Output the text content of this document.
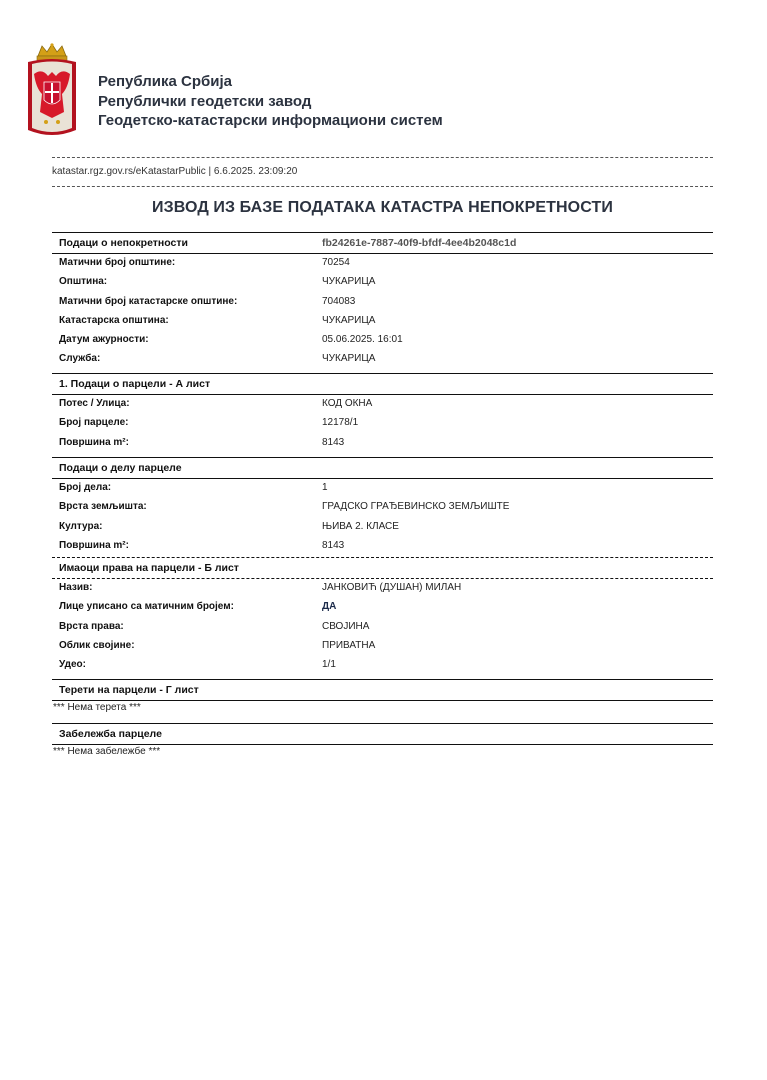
Република Србија
Републички геодетски завод
Геодетско-катастарски информациони систем
katastar.rgz.gov.rs/eKatastarPublic | 6.6.2025. 23:09:20
ИЗВОД ИЗ БАЗЕ ПОДАТАКА КАТАСТРА НЕПОКРЕТНОСТИ
Подаци о непокретности	fb24261e-7887-40f9-bfdf-4ee4b2048c1d
Матични број општине:	70254
Општина:	ЧУКАРИЦА
Матични број катастарске општине:	704083
Катастарска општина:	ЧУКАРИЦА
Датум ажурности:	05.06.2025. 16:01
Служба:	ЧУКАРИЦА
1. Подаци о парцели - А лист
Потес / Улица:	КОД ОКНА
Број парцеле:	12178/1
Површина m²:	8143
Подаци о делу парцеле
Број дела:	1
Врста земљишта:	ГРАДСКО ГРАЂЕВИНСКО ЗЕМЉИШТЕ
Култура:	ЊИВА 2. КЛАСЕ
Површина m²:	8143
Имаоци права на парцели - Б лист
Назив:	ЈАНКОВИЋ (ДУШАН) МИЛАН
Лице уписано са матичним бројем:	ДА
Врста права:	СВОЈИНА
Облик својине:	ПРИВАТНА
Удео:	1/1
Терети на парцели - Г лист
*** Нема терета ***
Забележба парцеле
*** Нема забележбе ***
